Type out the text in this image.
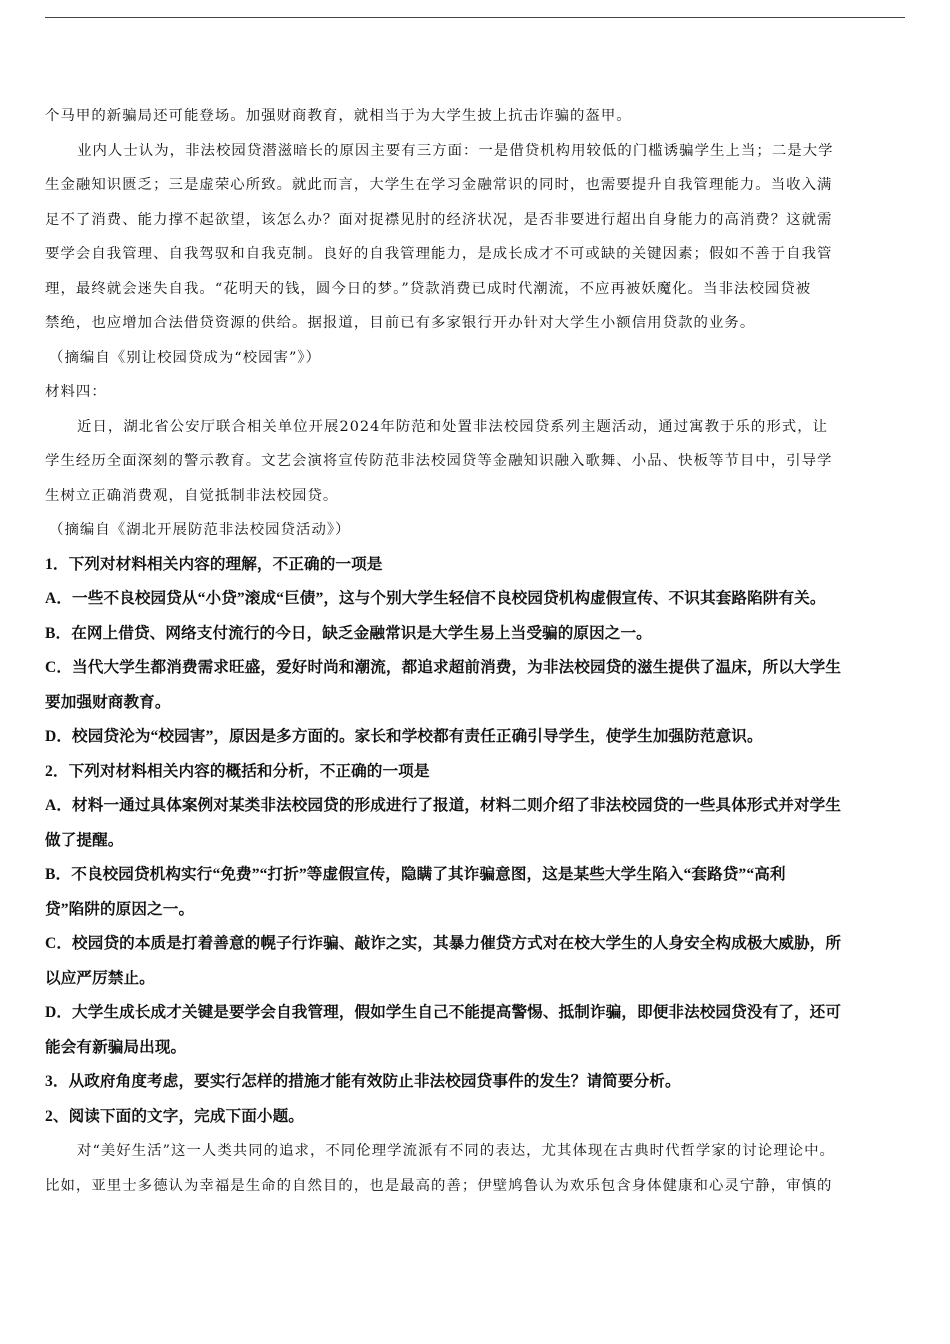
个马甲的新骗局还可能登场。加强财商教育，就相当于为大学生披上抗击诈骗的盔甲。
业内人士认为，非法校园贷潜滋暗长的原因主要有三方面：一是借贷机构用较低的门槛诱骗学生上当；二是大学
生金融知识匮乏；三是虚荣心所致。就此而言，大学生在学习金融常识的同时，也需要提升自我管理能力。当收入满
足不了消费、能力撑不起欲望，该怎么办？面对捉襟见肘的经济状况，是否非要进行超出自身能力的高消费？这就需
要学会自我管理、自我驾驭和自我克制。良好的自我管理能力，是成长成才不可或缺的关键因素；假如不善于自我管
理，最终就会迷失自我。“花明天的钱，圆今日的梦。”贷款消费已成时代潮流，不应再被妖魔化。当非法校园贷被
禁绝，也应增加合法借贷资源的供给。据报道，目前已有多家银行开办针对大学生小额信用贷款的业务。
（摘编自《别让校园贷成为“校园害”》）
材料四：
近日，湖北省公安厅联合相关单位开展2024年防范和处置非法校园贷系列主题活动，通过寓教于乐的形式，让
学生经历全面深刻的警示教育。文艺会演将宣传防范非法校园贷等金融知识融入歌舞、小品、快板等节目中，引导学
生树立正确消费观，自觉抵制非法校园贷。
（摘编自《湖北开展防范非法校园贷活动》）
1．下列对材料相关内容的理解，不正确的一项是
A．一些不良校园贷从“小贷”滚成“巨债”，这与个别大学生轻信不良校园贷机构虚假宣传、不识其套路陷阱有关。
B．在网上借贷、网络支付流行的今日，缺乏金融常识是大学生易上当受骗的原因之一。
C．当代大学生都消费需求旺盛，爱好时尚和潮流，都追求超前消费，为非法校园贷的滋生提供了温床，所以大学生
要加强财商教育。
D．校园贷沦为“校园害”，原因是多方面的。家长和学校都有责任正确引导学生，使学生加强防范意识。
2．下列对材料相关内容的概括和分析，不正确的一项是
A．材料一通过具体案例对某类非法校园贷的形成进行了报道，材料二则介绍了非法校园贷的一些具体形式并对学生
做了提醒。
B．不良校园贷机构实行“免费”“打折”等虚假宣传，隐瞒了其诈骗意图，这是某些大学生陷入“套路贷”“高利
贷”陷阱的原因之一。
C．校园贷的本质是打着善意的幌子行诈骗、敲诈之实，其暴力催贷方式对在校大学生的人身安全构成极大威胁，所
以应严厉禁止。
D．大学生成长成才关键是要学会自我管理，假如学生自己不能提高警惕、抵制诈骗，即便非法校园贷没有了，还可
能会有新骗局出现。
3．从政府角度考虑，要实行怎样的措施才能有效防止非法校园贷事件的发生？请简要分析。
2、阅读下面的文字，完成下面小题。
对“美好生活”这一人类共同的追求，不同伦理学流派有不同的表达，尤其体现在古典时代哲学家的讨论理论中。
比如，亚里士多德认为幸福是生命的自然目的，也是最高的善；伊壁鸠鲁认为欢乐包含身体健康和心灵宁静，审慎的
